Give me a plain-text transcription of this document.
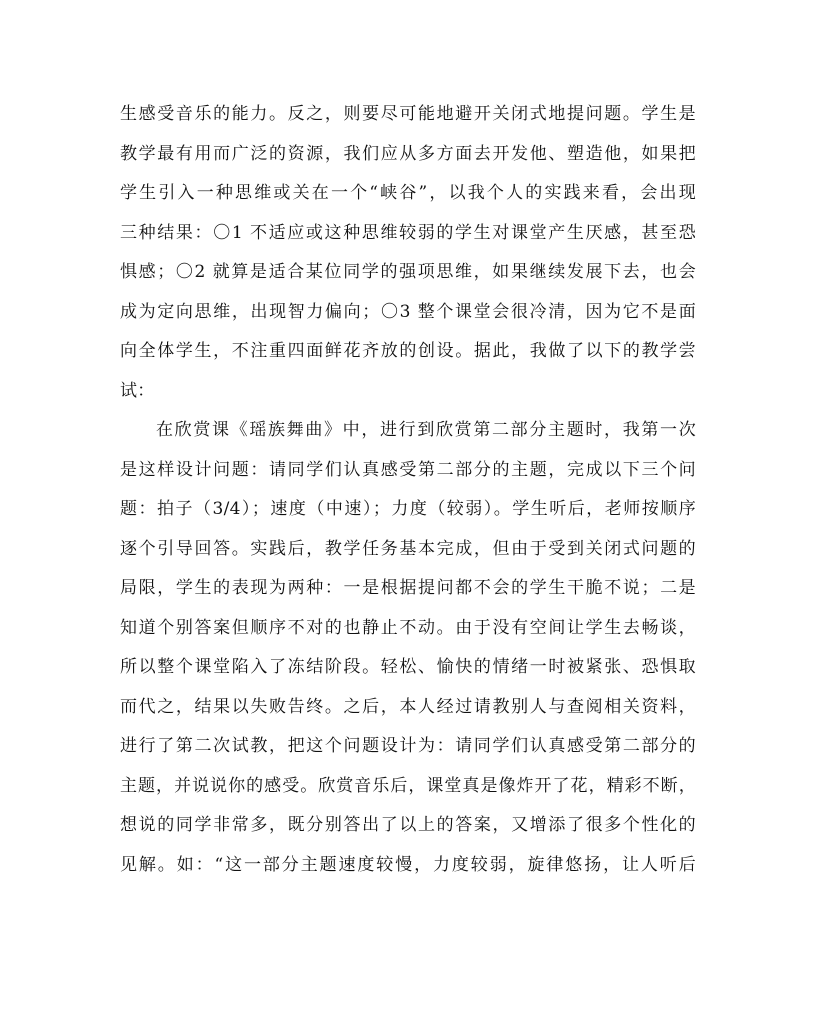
生感受音乐的能力。反之，则要尽可能地避开关闭式地提问题。学生是
教学最有用而广泛的资源，我们应从多方面去开发他、塑造他，如果把
学生引入一种思维或关在一个“峡谷”，以我个人的实践来看，会出现
三种结果：〇1 不适应或这种思维较弱的学生对课堂产生厌感，甚至恐
惧感；〇2 就算是适合某位同学的强项思维，如果继续发展下去，也会
成为定向思维，出现智力偏向；〇3 整个课堂会很冷清，因为它不是面
向全体学生，不注重四面鲜花齐放的创设。据此，我做了以下的教学尝
试：
在欣赏课《瑶族舞曲》中，进行到欣赏第二部分主题时，我第一次
是这样设计问题：请同学们认真感受第二部分的主题，完成以下三个问
题：拍子（3/4）；速度（中速）；力度（较弱）。学生听后，老师按顺序
逐个引导回答。实践后，教学任务基本完成，但由于受到关闭式问题的
局限，学生的表现为两种：一是根据提问都不会的学生干脆不说；二是
知道个别答案但顺序不对的也静止不动。由于没有空间让学生去畅谈，
所以整个课堂陷入了冻结阶段。轻松、愉快的情绪一时被紧张、恐惧取
而代之，结果以失败告终。之后，本人经过请教别人与查阅相关资料，
进行了第二次试教，把这个问题设计为：请同学们认真感受第二部分的
主题，并说说你的感受。欣赏音乐后，课堂真是像炸开了花，精彩不断，
想说的同学非常多，既分别答出了以上的答案，又增添了很多个性化的
见解。如：“这一部分主题速度较慢，力度较弱，旋律悠扬，让人听后
